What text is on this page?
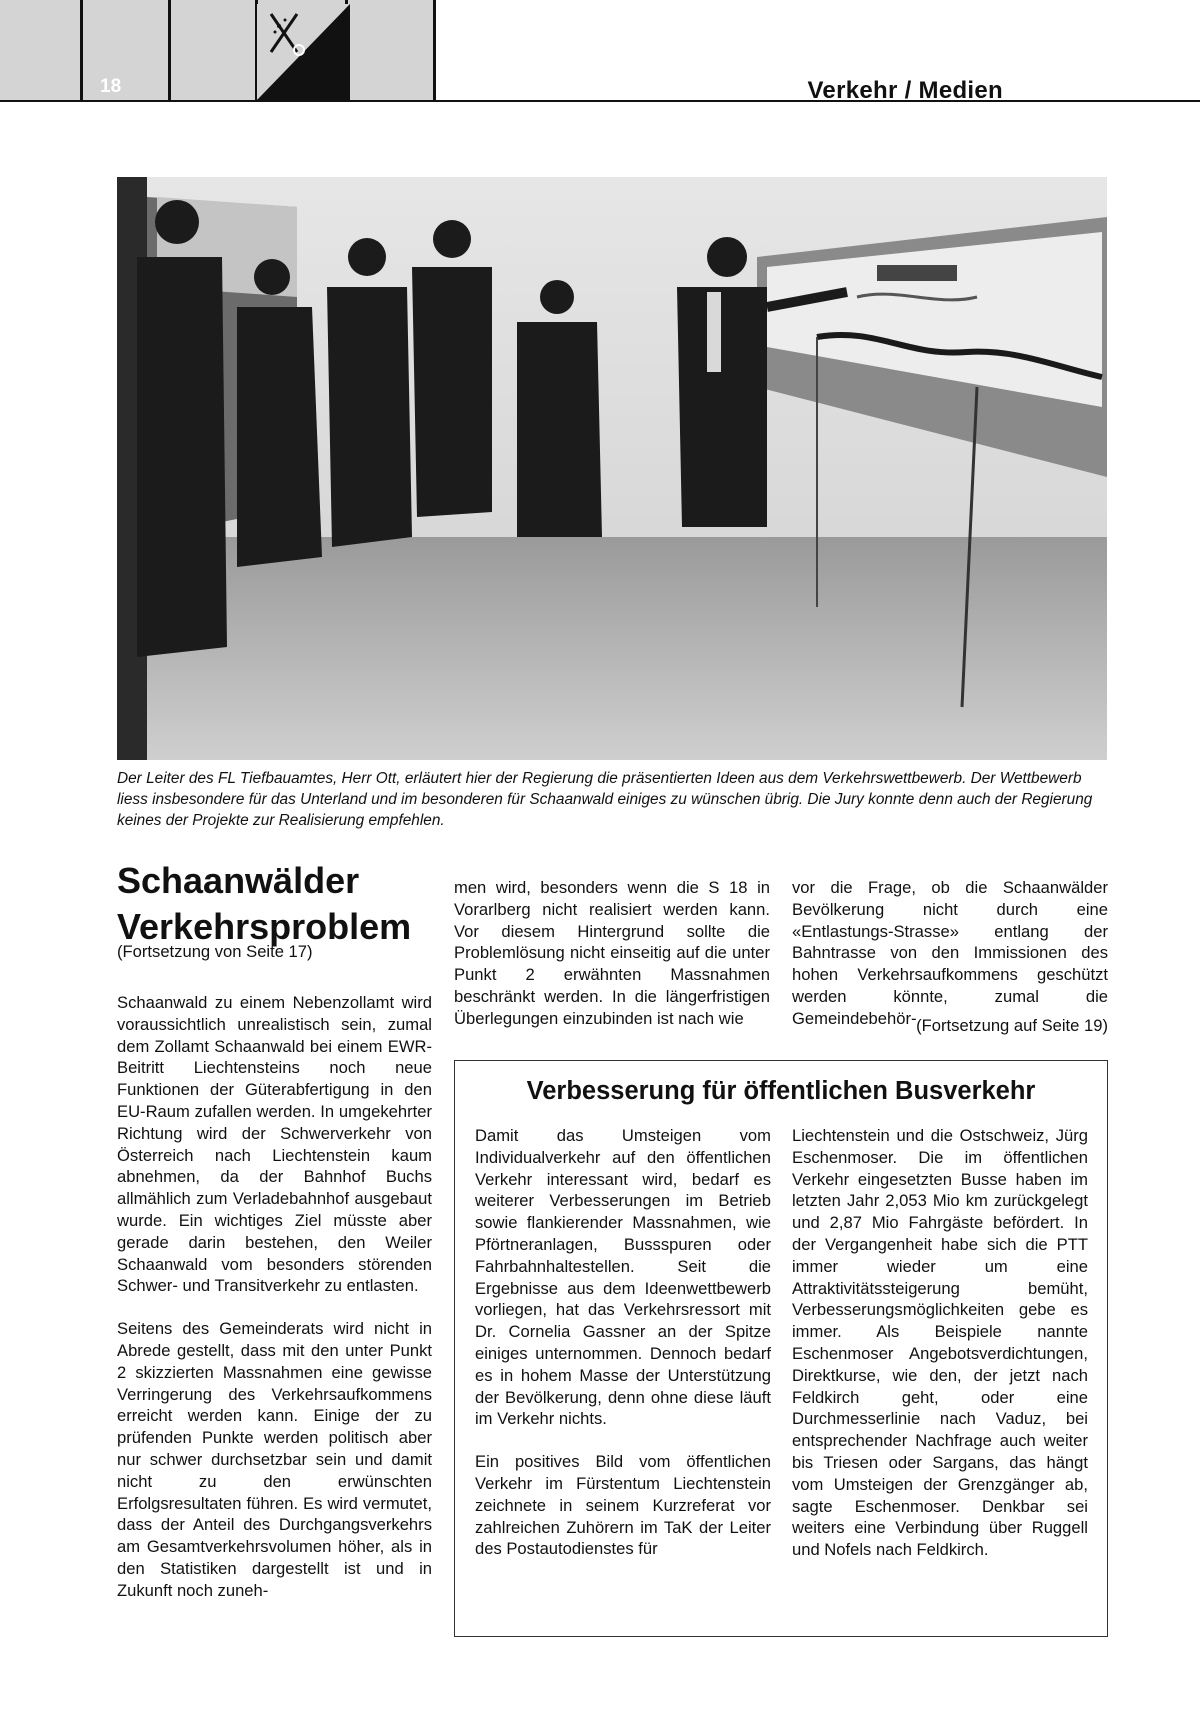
18	Verkehr / Medien
Der Leiter des FL Tiefbauamtes, Herr Ott, erläutert hier der Regierung die präsentierten Ideen aus dem Verkehrswettbewerb. Der Wettbewerb liess insbesondere für das Unterland und im besonderen für Schaanwald einiges zu wünschen übrig. Die Jury konnte denn auch der Regierung keines der Projekte zur Realisierung empfehlen.
Schaanwälder Verkehrsproblem
(Fortsetzung von Seite 17)

Schaanwald zu einem Nebenzollamt wird voraussichtlich unrealistisch sein, zumal dem Zollamt Schaanwald bei einem EWR-Beitritt Liechtensteins noch neue Funktionen der Güterabfertigung in den EU-Raum zufallen werden. In umgekehrter Richtung wird der Schwerverkehr von Österreich nach Liechtenstein kaum abnehmen, da der Bahnhof Buchs allmählich zum Verladebahnhof ausgebaut wurde. Ein wichtiges Ziel müsste aber gerade darin bestehen, den Weiler Schaanwald vom besonders störenden Schwer- und Transitverkehr zu entlasten.

Seitens des Gemeinderats wird nicht in Abrede gestellt, dass mit den unter Punkt 2 skizzierten Massnahmen eine gewisse Verringerung des Verkehrsaufkommens erreicht werden kann. Einige der zu prüfenden Punkte werden politisch aber nur schwer durchsetzbar sein und damit nicht zu den erwünschten Erfolgsresultaten führen. Es wird vermutet, dass der Anteil des Durchgangsverkehrs am Gesamtverkehrsvolumen höher, als in den Statistiken dargestellt ist und in Zukunft noch zuneh-

men wird, besonders wenn die S 18 in Vorarlberg nicht realisiert werden kann. Vor diesem Hintergrund sollte die Problemlösung nicht einseitig auf die unter Punkt 2 erwähnten Massnahmen beschränkt werden. In die längerfristigen Überlegungen einzubinden ist nach wie

vor die Frage, ob die Schaanwälder Bevölkerung nicht durch eine «Entlastungs-Strasse» entlang der Bahntrasse von den Immissionen des hohen Verkehrsaufkommens geschützt werden könnte, zumal die Gemeindebehör- (Fortsetzung auf Seite 19)
Verbesserung für öffentlichen Busverkehr

Damit das Umsteigen vom Individualverkehr auf den öffentlichen Verkehr interessant wird, bedarf es weiterer Verbesserungen im Betrieb sowie flankierender Massnahmen, wie Pförtneranlagen, Bussspuren oder Fahrbahnhaltestellen. Seit die Ergebnisse aus dem Ideenwettbewerb vorliegen, hat das Verkehrsressort mit Dr. Cornelia Gassner an der Spitze einiges unternommen. Dennoch bedarf es in hohem Masse der Unterstützung der Bevölkerung, denn ohne diese läuft im Verkehr nichts.

Ein positives Bild vom öffentlichen Verkehr im Fürstentum Liechtenstein zeichnete in seinem Kurzreferat vor zahlreichen Zuhörern im TaK der Leiter des Postautodienstes für

Liechtenstein und die Ostschweiz, Jürg Eschenmoser. Die im öffentlichen Verkehr eingesetzten Busse haben im letzten Jahr 2,053 Mio km zurückgelegt und 2,87 Mio Fahrgäste befördert. In der Vergangenheit habe sich die PTT immer wieder um eine Attraktivitätssteigerung bemüht, Verbesserungsmöglichkeiten gebe es immer. Als Beispiele nannte Eschenmoser Angebotsverdichtungen, Direktkurse, wie den, der jetzt nach Feldkirch geht, oder eine Durchmesserlinie nach Vaduz, bei entsprechender Nachfrage auch weiter bis Triesen oder Sargans, das hängt vom Umsteigen der Grenzgänger ab, sagte Eschenmoser. Denkbar sei weiters eine Verbindung über Ruggell und Nofels nach Feldkirch.
